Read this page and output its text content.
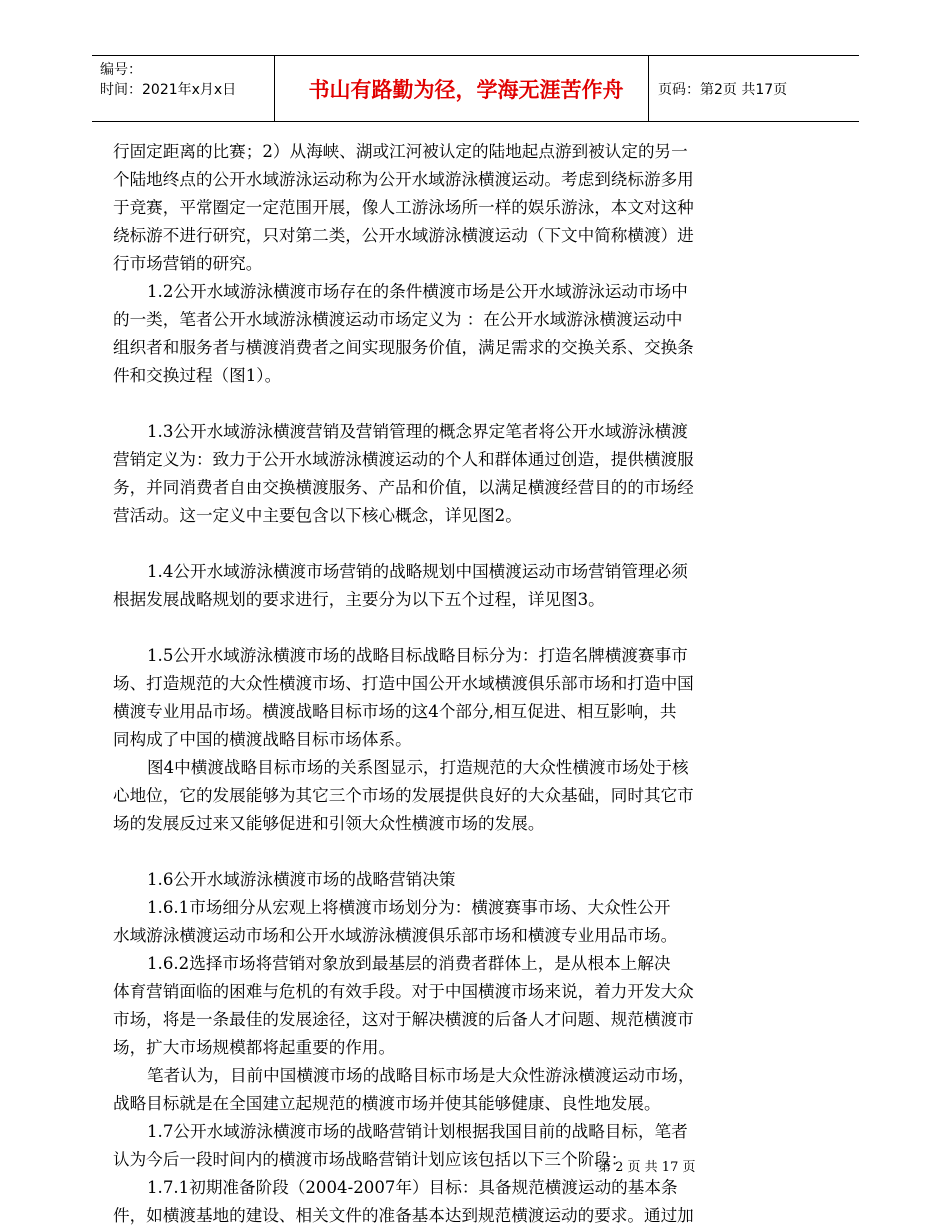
编号：
时间：2021年x月x日	书山有路勤为径，学海无涯苦作舟	页码：第2页 共17页
行固定距离的比赛；2）从海峡、湖或江河被认定的陆地起点游到被认定的另一
个陆地终点的公开水域游泳运动称为公开水域游泳横渡运动。考虑到绕标游多用
于竞赛，平常圈定一定范围开展，像人工游泳场所一样的娱乐游泳，本文对这种
绕标游不进行研究，只对第二类，公开水域游泳横渡运动（下文中简称横渡）进
行市场营销的研究。
1.2公开水域游泳横渡市场存在的条件横渡市场是公开水域游泳运动市场中
的一类，笔者公开水域游泳横渡运动市场定义为 ：在公开水域游泳横渡运动中
组织者和服务者与横渡消费者之间实现服务价值，满足需求的交换关系、交换条
件和交换过程（图1）。
1.3公开水域游泳横渡营销及营销管理的概念界定笔者将公开水域游泳横渡
营销定义为：致力于公开水域游泳横渡运动的个人和群体通过创造，提供横渡服
务，并同消费者自由交换横渡服务、产品和价值，以满足横渡经营目的的市场经
营活动。这一定义中主要包含以下核心概念，详见图2。
1.4公开水域游泳横渡市场营销的战略规划中国横渡运动市场营销管理必须
根据发展战略规划的要求进行，主要分为以下五个过程，详见图3。
1.5公开水域游泳横渡市场的战略目标战略目标分为：打造名牌横渡赛事市
场、打造规范的大众性横渡市场、打造中国公开水域横渡俱乐部市场和打造中国
横渡专业用品市场。横渡战略目标市场的这4个部分,相互促进、相互影响，共
同构成了中国的横渡战略目标市场体系。
图4中横渡战略目标市场的关系图显示，打造规范的大众性横渡市场处于核
心地位，它的发展能够为其它三个市场的发展提供良好的大众基础，同时其它市
场的发展反过来又能够促进和引领大众性横渡市场的发展。
1.6公开水域游泳横渡市场的战略营销决策
1.6.1市场细分从宏观上将横渡市场划分为：横渡赛事市场、大众性公开
水域游泳横渡运动市场和公开水域游泳横渡俱乐部市场和横渡专业用品市场。
1.6.2选择市场将营销对象放到最基层的消费者群体上，是从根本上解决
体育营销面临的困难与危机的有效手段。对于中国横渡市场来说，着力开发大众
市场，将是一条最佳的发展途径，这对于解决横渡的后备人才问题、规范横渡市
场，扩大市场规模都将起重要的作用。
笔者认为，目前中国横渡市场的战略目标市场是大众性游泳横渡运动市场，
战略目标就是在全国建立起规范的横渡市场并使其能够健康、良性地发展。
1.7公开水域游泳横渡市场的战略营销计划根据我国目前的战略目标，笔者
认为今后一段时间内的横渡市场战略营销计划应该包括以下三个阶段：
1.7.1初期准备阶段（2004-2007年）目标：具备规范横渡运动的基本条
件，如横渡基地的建设、相关文件的准备基本达到规范横渡运动的要求。通过加
第 2 页 共 17 页
